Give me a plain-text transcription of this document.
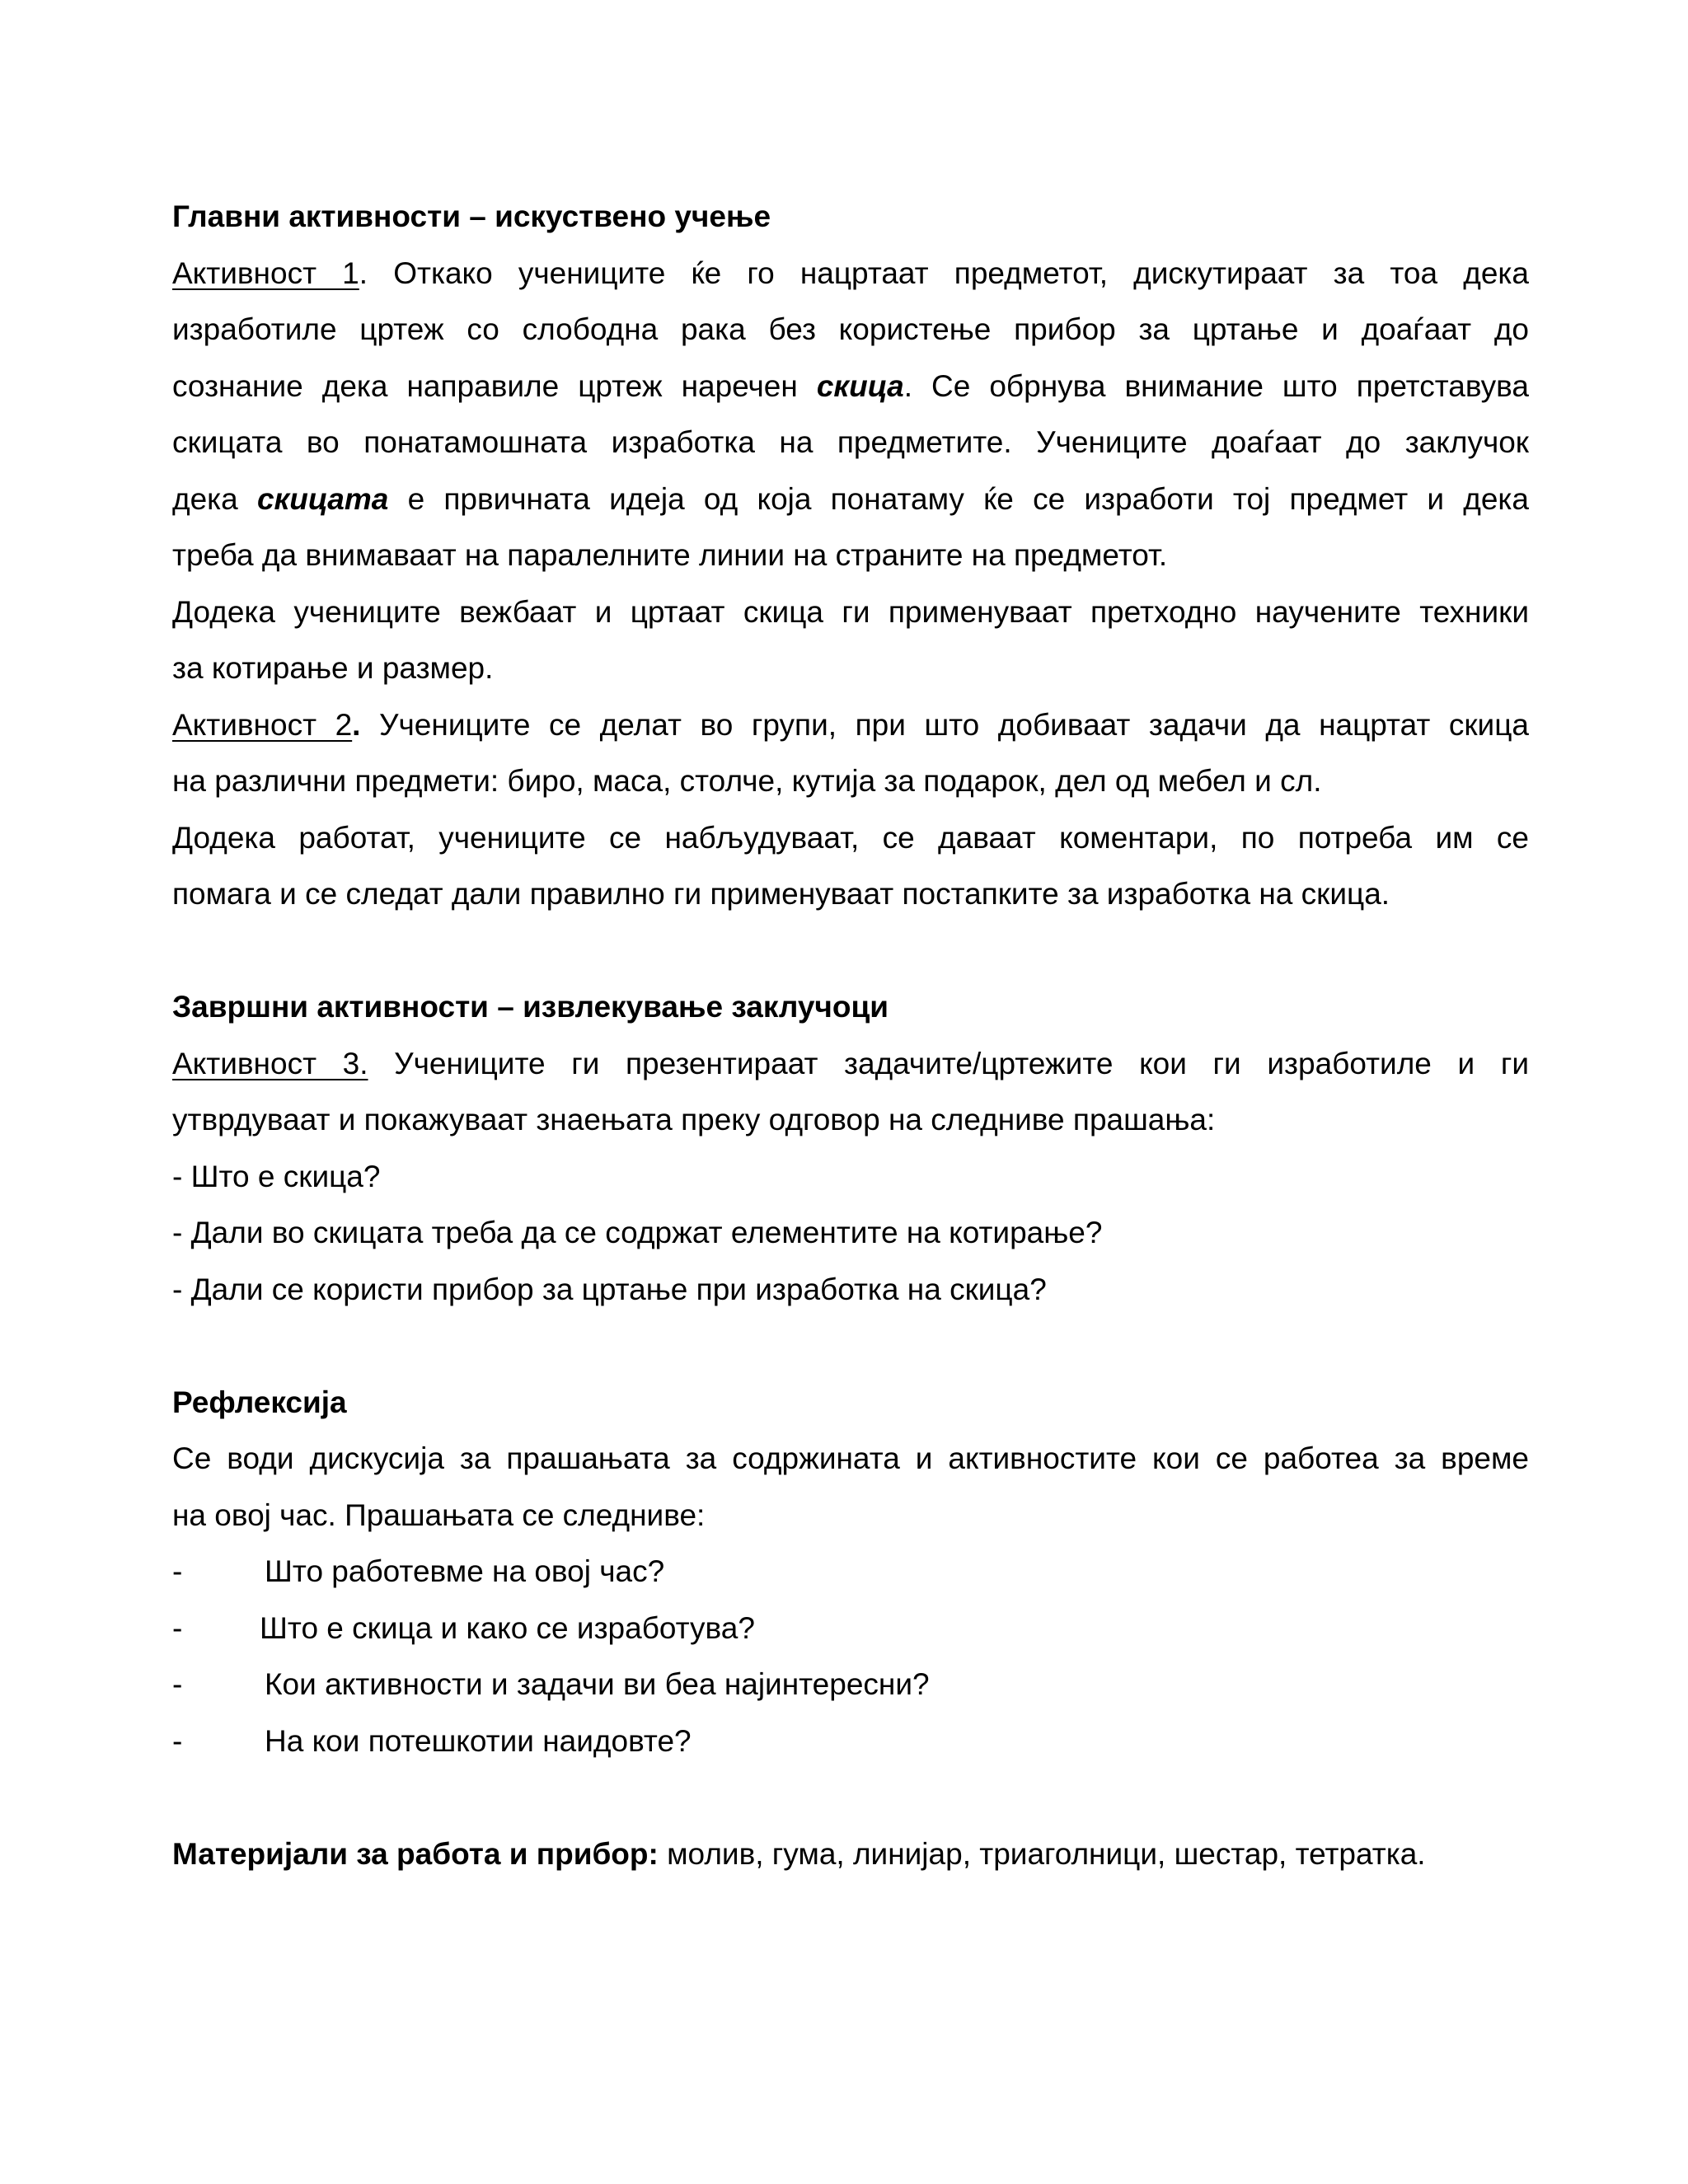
Главни активности – искуствено учење
Активност 1. Откако учениците ќе го нацртаат предметот, дискутираат за тоа дека
изработиле цртеж со слободна рака без користење прибор за цртање и доаѓаат до
сознание дека направиле цртеж наречен скица. Се обрнува внимание што претставува
скицата во понатамошната изработка на предметите. Учениците доаѓаат до заклучок
дека скицата е првичната идеја од која понатаму ќе се изработи тој предмет и дека
треба да внимаваат на паралелните линии на страните на предметот.
Додека учениците вежбаат и цртаат скица ги применуваат претходно научените техники
за котирање и размер.
Активност 2. Учениците се делат во групи, при што добиваат задачи да нацртат скица
на различни предмети: биро, маса, столче, кутија за подарок, дел од мебел и сл.
Додека работат, учениците се набљудуваат, се даваат коментари, по потреба им се
помага и се следат дали правилно ги применуваат постапките за изработка на скица.
Завршни активности – извлекување заклучоци
Активност 3. Учениците ги презентираат задачите/цртежите кои ги изработиле и ги
утврдуваат и покажуваат знаењата преку одговор на следниве прашања:
- Што е скица?
- Дали во скицата треба да се содржат елементите на котирање?
- Дали се користи прибор за цртање при изработка на скица?
Рефлексија
Се води дискусија за прашањата за содржината и активностите кои се работеа за време
на овој час. Прашањата се следниве:
-	Што работевме на овој час?
-	Што е скица и како се изработува?
-	Кои активности и задачи ви беа најинтересни?
-	На кои потешкотии наидовте?
Материјали за работа и прибор: молив, гума, линијар, триаголници, шестар, тетратка.
